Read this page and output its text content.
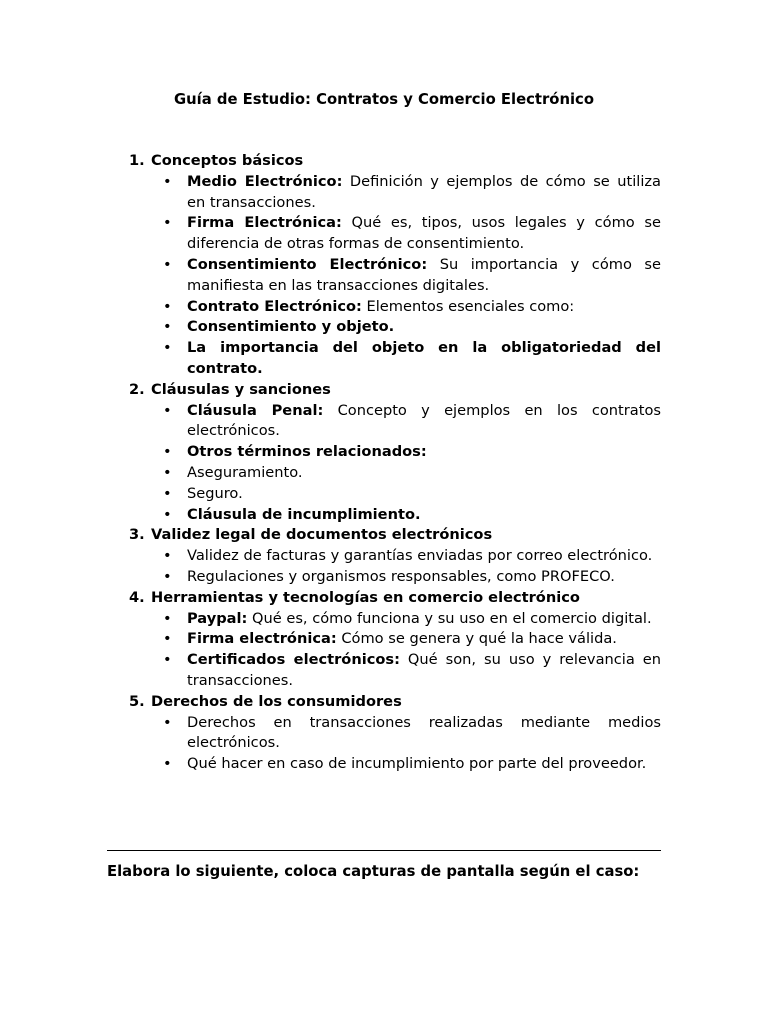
Guía de Estudio: Contratos y Comercio Electrónico
1. Conceptos básicos
• Medio Electrónico: Definición y ejemplos de cómo se utiliza en transacciones.
• Firma Electrónica: Qué es, tipos, usos legales y cómo se diferencia de otras formas de consentimiento.
• Consentimiento Electrónico: Su importancia y cómo se manifiesta en las transacciones digitales.
• Contrato Electrónico: Elementos esenciales como:
• Consentimiento y objeto.
• La importancia del objeto en la obligatoriedad del contrato.
2. Cláusulas y sanciones
• Cláusula Penal: Concepto y ejemplos en los contratos electrónicos.
• Otros términos relacionados:
• Aseguramiento.
• Seguro.
• Cláusula de incumplimiento.
3. Validez legal de documentos electrónicos
• Validez de facturas y garantías enviadas por correo electrónico.
• Regulaciones y organismos responsables, como PROFECO.
4. Herramientas y tecnologías en comercio electrónico
• Paypal: Qué es, cómo funciona y su uso en el comercio digital.
• Firma electrónica: Cómo se genera y qué la hace válida.
• Certificados electrónicos: Qué son, su uso y relevancia en transacciones.
5. Derechos de los consumidores
• Derechos en transacciones realizadas mediante medios electrónicos.
• Qué hacer en caso de incumplimiento por parte del proveedor.
Elabora lo siguiente, coloca capturas de pantalla según el caso:
